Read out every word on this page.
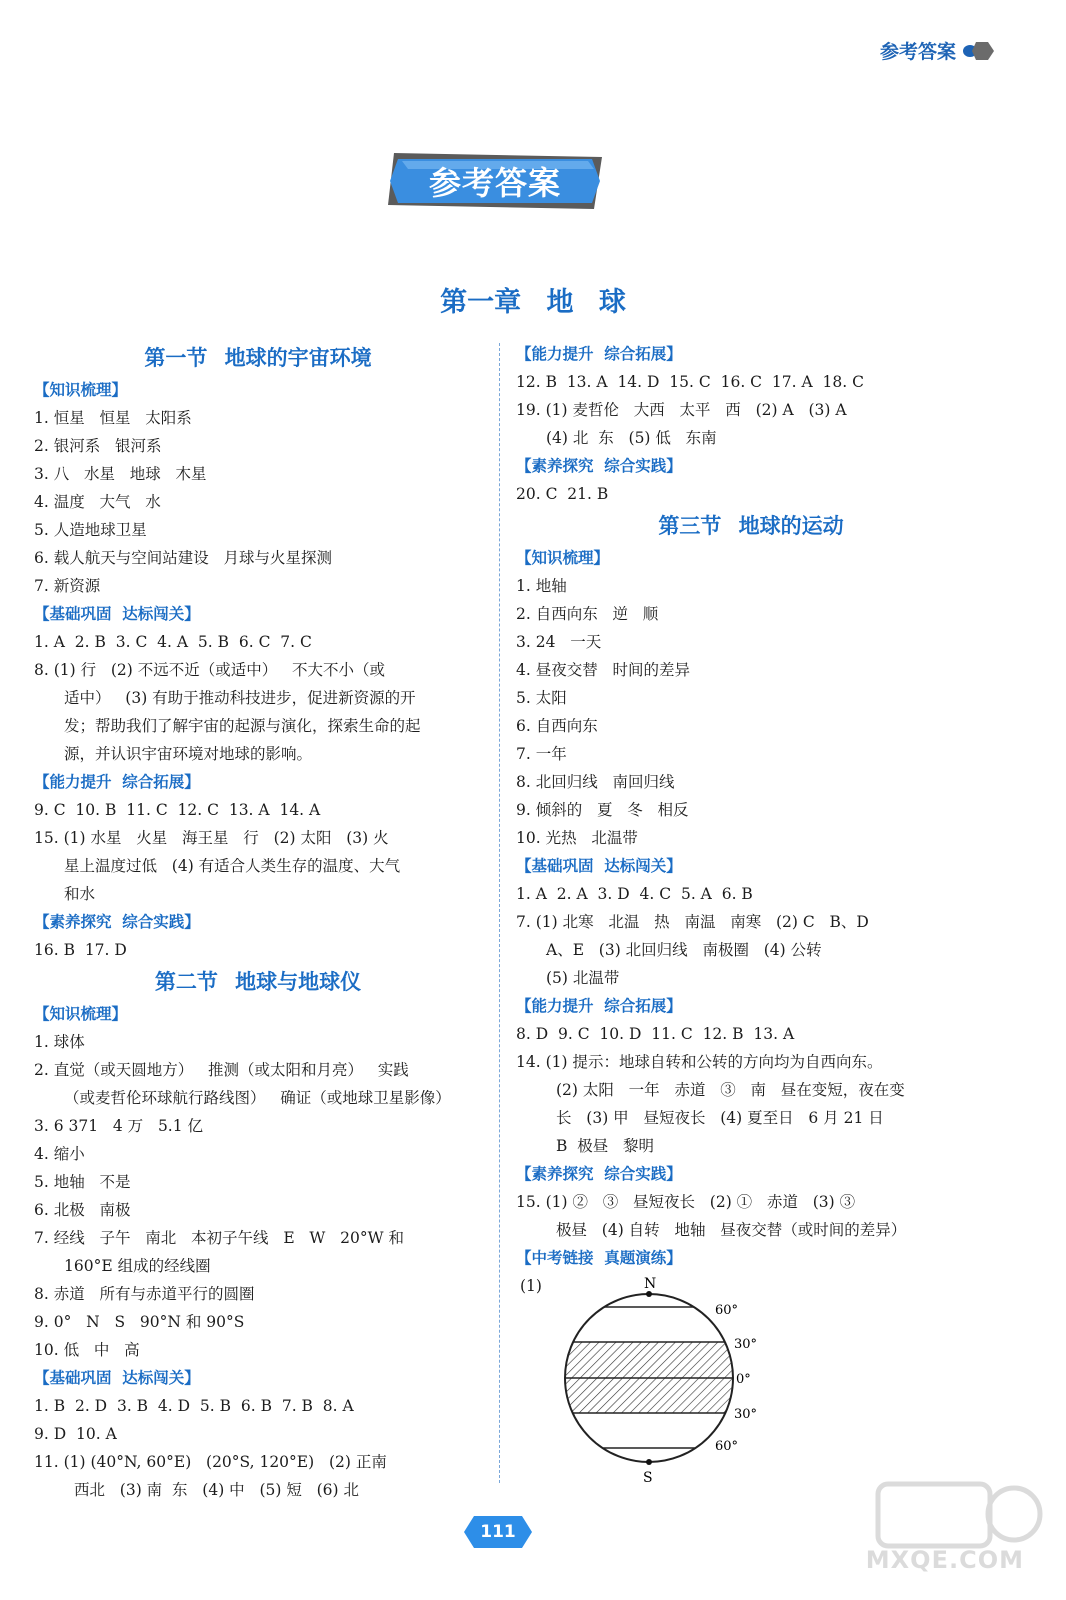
参考答案
参考答案
第一章 地 球
第一节 地球的宇宙环境
【知识梳理】
1. 恒星   恒星   太阳系
2. 银河系   银河系
3. 八   水星   地球   木星
4. 温度   大气   水
5. 人造地球卫星
6. 载人航天与空间站建设   月球与火星探测
7. 新资源
【基础巩固  达标闯关】
1. A  2. B  3. C  4. A  5. B  6. C  7. C
8. (1) 行   (2) 不远不近（或适中）   不大不小（或
适中）   (3) 有助于推动科技进步，促进新资源的开
发；帮助我们了解宇宙的起源与演化，探索生命的起
源，并认识宇宙环境对地球的影响。
【能力提升  综合拓展】
9. C  10. B  11. C  12. C  13. A  14. A
15. (1) 水星   火星   海王星   行   (2) 太阳   (3) 火
星上温度过低   (4) 有适合人类生存的温度、大气
和水
【素养探究  综合实践】
16. B  17. D
第二节 地球与地球仪
【知识梳理】
1. 球体
2. 直觉（或天圆地方）   推测（或太阳和月亮）   实践
（或麦哲伦环球航行路线图）   确证（或地球卫星影像）
3. 6 371   4 万   5.1 亿
4. 缩小
5. 地轴   不是
6. 北极   南极
7. 经线   子午   南北   本初子午线   E   W   20°W 和
160°E 组成的经线圈
8. 赤道   所有与赤道平行的圆圈
9. 0°   N   S   90°N 和 90°S
10. 低   中   高
【基础巩固  达标闯关】
1. B  2. D  3. B  4. D  5. B  6. B  7. B  8. A
9. D  10. A
11. (1) (40°N, 60°E)   (20°S, 120°E)   (2) 正南
西北   (3) 南  东   (4) 中   (5) 短   (6) 北
【能力提升  综合拓展】
12. B  13. A  14. D  15. C  16. C  17. A  18. C
19. (1) 麦哲伦   大西   太平   西   (2) A   (3) A
(4) 北  东   (5) 低   东南
【素养探究  综合实践】
20. C  21. B
第三节 地球的运动
【知识梳理】
1. 地轴
2. 自西向东   逆   顺
3. 24   一天
4. 昼夜交替   时间的差异
5. 太阳
6. 自西向东
7. 一年
8. 北回归线   南回归线
9. 倾斜的   夏   冬   相反
10. 光热   北温带
【基础巩固  达标闯关】
1. A  2. A  3. D  4. C  5. A  6. B
7. (1) 北寒   北温   热   南温   南寒   (2) C   B、D
A、E   (3) 北回归线   南极圈   (4) 公转
(5) 北温带
【能力提升  综合拓展】
8. D  9. C  10. D  11. C  12. B  13. A
14. (1) 提示：地球自转和公转的方向均为自西向东。
(2) 太阳   一年   赤道   ③   南   昼在变短，夜在变
长   (3) 甲   昼短夜长   (4) 夏至日   6 月 21 日
B  极昼   黎明
【素养探究  综合实践】
15. (1) ②   ③   昼短夜长   (2) ①   赤道   (3) ③
极昼   (4) 自转   地轴   昼夜交替（或时间的差异）
【中考链接  真题演练】
(1)	N
S
60°
30°
0°
30°
60°
111
MXQE.COM
